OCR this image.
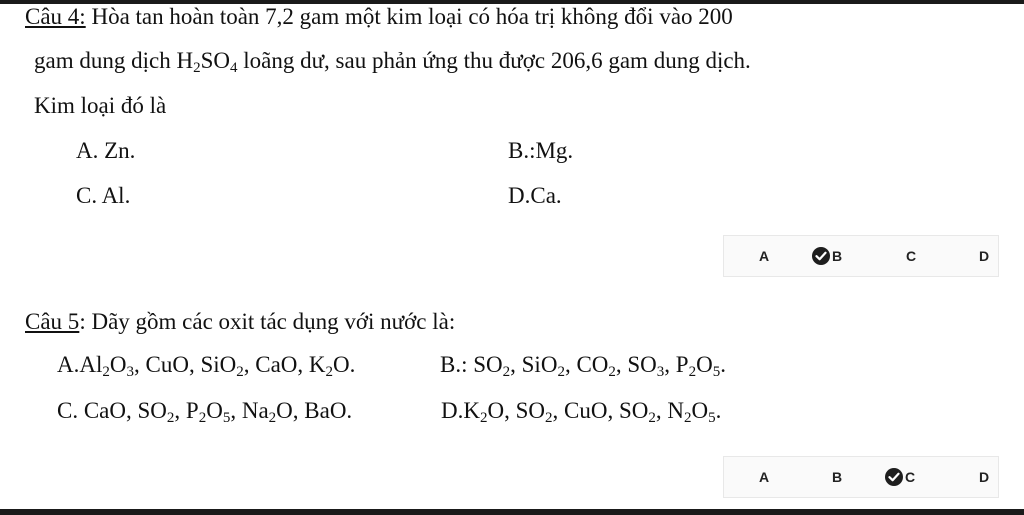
Câu 4: Hòa tan hoàn toàn 7,2 gam một kim loại có hóa trị không đổi vào 200
gam dung dịch $H_2SO_4$ loãng dư, sau phản ứng thu được 206,6 gam dung dịch.
Kim loại đó là
A. Zn.	B.:Mg.
C. Al.	D.Ca.
A	B	C	D
Câu 5: Dãy gồm các oxit tác dụng với nước là:
$A.Al_2O_3$, CuO, SiO$_2$, CaO, $K_2O$.	B.: $SO_2$, SiO$_2$, $CO_2$, $SO_3$, $P_2O_5$.
C. CaO, $SO_2$, $P_2O_5$, $Na_2O$, BaO.	$D.K_2O$, $SO_2$, CuO, $SO_2$, $N_2O_5$.
A	B	C	D
